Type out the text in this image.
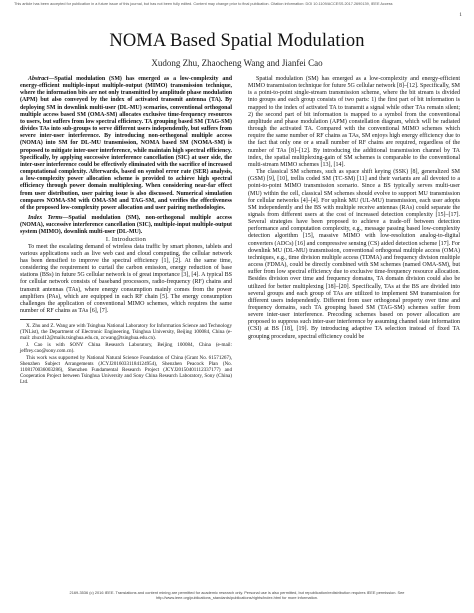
This article has been accepted for publication in a future issue of this journal, but has not been fully edited. Content may change prior to final publication. Citation information: DOI 10.1109/ACCESS.2017.2690139, IEEE Access
1
NOMA Based Spatial Modulation
Xudong Zhu, Zhaocheng Wang and Jianfei Cao

Abstract—Spatial modulation (SM) has emerged as a low-complexity and energy-efficient multiple-input multiple-output (MIMO) transmission technique, where the information bits are not only transmitted by amplitude phase modulation (APM) but also conveyed by the index of activated transmit antenna (TA). By deploying SM in downlink multi-user (DL-MU) scenarios, conventional orthogonal multiple access based SM (OMA-SM) allocates exclusive time-frequency resources to users, but suffers from low spectral efficiency. TA grouping based SM (TAG-SM) divides TAs into sub-groups to serve different users independently, but suffers from severe inter-user interference. By introducing non-orthogonal multiple access (NOMA) into SM for DL-MU transmission, NOMA based SM (NOMA-SM) is proposed to mitigate inter-user interference, while maintain high spectral efficiency. Specifically, by applying successive interference cancellation (SIC) at user side, the inter-user interference could be effectively eliminated with the sacrifice of increased computational complexity. Afterwards, based on symbol error rate (SER) analysis, a low-complexity power allocation scheme is provided to achieve high spectral efficiency through power domain multiplexing. When considering near-far effect from user distribution, user pairing issue is also discussed. Numerical simulation compares NOMA-SM with OMA-SM and TAG-SM, and verifies the effectiveness of the proposed low-complexity power allocation and user pairing methodologies.

Index Terms—Spatial modulation (SM), non-orthogonal multiple access (NOMA), successive interference cancellation (SIC), multiple-input multiple-output system (MIMO), downlink multi-user (DL-MU).

I. Introduction

To meet the escalating demand of wireless data traffic by smart phones, tablets and various applications such as live web cast and cloud computing, the cellular network has been densified to improve the spectral efficiency [1], [2]. At the same time, considering the requirement to curtail the carbon emission, energy reduction of base stations (BSs) in future 5G cellular network is of great importance [3], [4]. A typical BS for cellular network consists of baseband processors, radio-frequency (RF) chains and transmit antennas (TAs), where energy consumption mainly comes from the power amplifiers (PAs), which are equipped in each RF chain [5]. The energy consumption challenges the application of conventional MIMO schemes, which requires the same number of RF chains as TAs [6], [7].

X. Zhu and Z. Wang are with Tsinghua National Laboratory for Information Science and Technology (TNList), the Department of Electronic Engineering, Tsinghua University, Beijing 100084, China (e-mail: zhuxd12@mails.tsinghua.edu.cn, zcwang@tsinghua.edu.cn).

J. Cao is with SONY China Research Laboratory, Beijing 100084, China (e-mail: jeffrey.cao@sony.com.cn).

This work was supported by National Natural Science Foundation of China (Grant No. 61571267), Shenzhen Subject Arrangements (JCYJ20160331184124954), Shenzhen Peacock Plan (No. 1108170036003286), Shenzhen Fundamental Research Project (JCYJ20150401112337177) and Cooperation Project between Tsinghua University and Sony China Research Laboratory, Sony (China) Ltd.

Spatial modulation (SM) has emerged as a low-complexity and energy-efficient MIMO transmission technique for future 5G cellular network [8]–[12]. Specifically, SM is a point-to-point single-stream transmission scheme, where the bit stream is divided into groups and each group consists of two parts: 1) the first part of bit information is mapped to the index of activated TA to transmit a signal while other TAs remain silent; 2) the second part of bit information is mapped to a symbol from the conventional amplitude and phase modulation (APM) constellation diagram, which will be radiated through the activated TA. Compared with the conventional MIMO schemes which require the same number of RF chains as TAs, SM enjoys high energy efficiency due to the fact that only one or a small number of RF chains are required, regardless of the number of TAs [8]–[12]. By introducing the additional transmission channel by TA index, the spatial multiplexing-gain of SM schemes is comparable to the conventional multi-stream MIMO schemes [13], [14].

The classical SM schemes, such as space shift keying (SSK) [8], generalized SM (GSM) [9], [10], trellis coded SM (TC-SM) [11] and their variants are all devoted to a point-to-point MIMO transmission scenario. Since a BS typically serves multi-user (MU) within the cell, classical SM schemes should evolve to support MU transmission for cellular networks [4]–[4]. For uplink MU (UL-MU) transmission, each user adopts SM independently and the BS with multiple receive antennas (RAs) could separate the signals from different users at the cost of increased detection complexity [15]–[17]. Several strategies have been proposed to achieve a trade-off between detection performance and computation complexity, e.g., message passing based low-complexity detection algorithm [15], massive MIMO with low-resolution analog-to-digital converters (ADCs) [16] and compressive sensing (CS) aided detection scheme [17]. For downlink MU (DL-MU) transmission, conventional orthogonal multiple access (OMA) techniques, e.g., time division multiple access (TDMA) and frequency division multiple access (FDMA), could be directly combined with SM schemes (named OMA-SM), but suffer from low spectral efficiency due to exclusive time-frequency resource allocation. Besides division over time and frequency domains, TA domain division could also be utilized for better multiplexing [18]–[20]. Specifically, TAs at the BS are divided into several groups and each group of TAs are utilized to implement SM transmission for different users independently. Different from user orthogonal property over time and frequency domains, such TA grouping based SM (TAG-SM) schemes suffer from severe inter-user interference. Precoding schemes based on power allocation are proposed to suppress such inter-user interference by assuming channel state information (CSI) at BS [18], [19]. By introducing adaptive TA selection instead of fixed TA grouping procedure, spectral efficiency could be

2169-3536 (c) 2016 IEEE. Translations and content mining are permitted for academic research only. Personal use is also permitted, but republication/redistribution requires IEEE permission. See http://www.ieee.org/publications_standards/publications/rights/index.html for more information.
